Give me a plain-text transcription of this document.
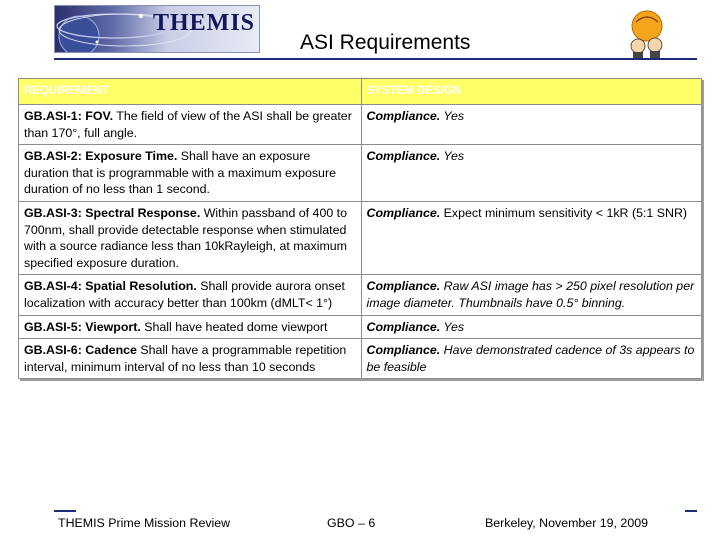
THEMIS
ASI Requirements
REQUIREMENT	SYSTEM DESIGN
GB.ASI-1: FOV. The field of view of the ASI shall be greater than 170°, full angle.	Compliance. Yes
GB.ASI-2: Exposure Time. Shall have an exposure duration that is programmable with a maximum exposure duration of no less than 1 second.	Compliance. Yes
GB.ASI-3: Spectral Response. Within passband of 400 to 700nm, shall provide detectable response when stimulated with a source radiance less than 10kRayleigh, at maximum specified exposure duration.	Compliance. Expect minimum sensitivity < 1kR (5:1 SNR)
GB.ASI-4: Spatial Resolution. Shall provide aurora onset localization with accuracy better than 100km (dMLT< 1°)	Compliance. Raw ASI image has > 250 pixel resolution per image diameter. Thumbnails have 0.5° binning.
GB.ASI-5: Viewport. Shall have heated dome viewport	Compliance. Yes
GB.ASI-6: Cadence Shall have a programmable repetition interval, minimum interval of no less than 10 seconds	Compliance. Have demonstrated cadence of 3s appears to be feasible
THEMIS Prime Mission Review	GBO – 6	Berkeley, November 19, 2009
